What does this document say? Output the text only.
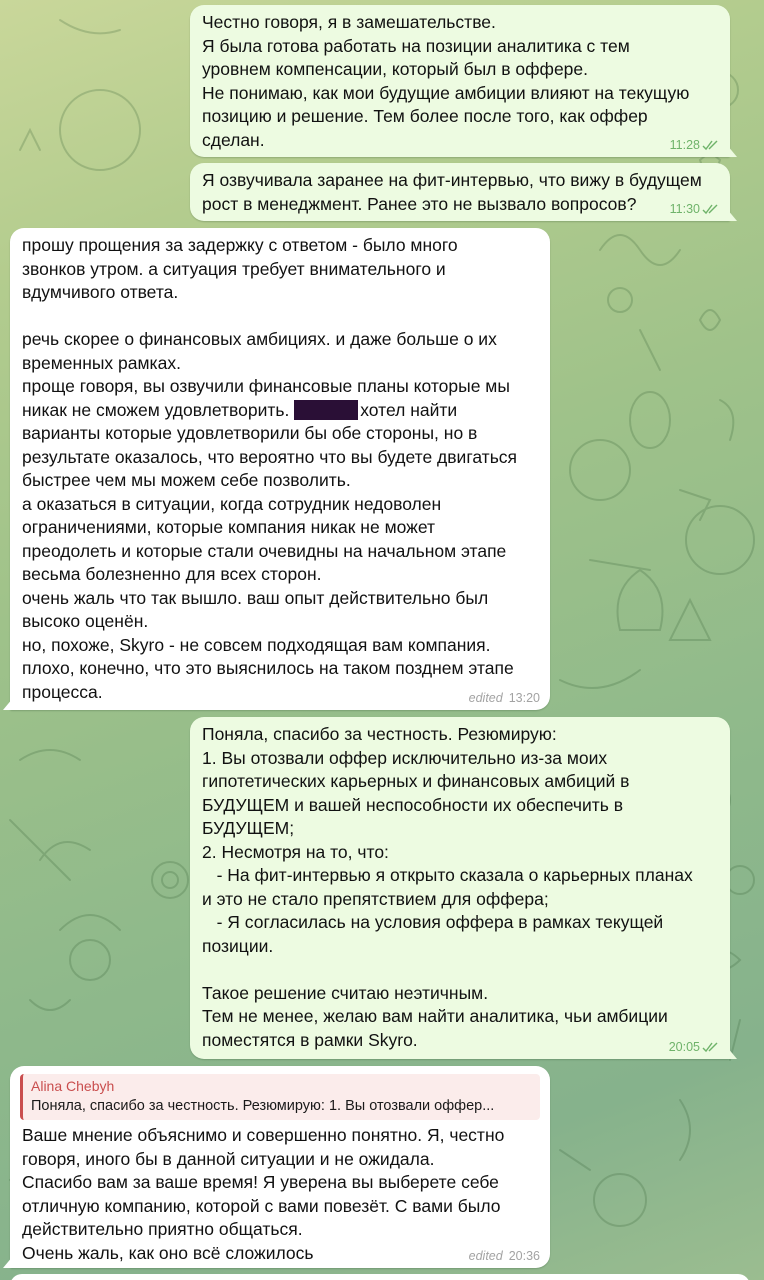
Честно говоря, я в замешательстве.
Я была готова работать на позиции аналитика с тем
уровнем компенсации, который был в оффере.
Не понимаю, как мои будущие амбиции влияют на текущую
позицию и решение. Тем более после того, как оффер
сделан.	11:28
Я озвучивала заранее на фит-интервью, что вижу в будущем
рост в менеджмент. Ранее это не вызвало вопросов?	11:30
прошу прощения за задержку с ответом - было много
звонков утром. а ситуация требует внимательного и
вдумчивого ответа.
речь скорее о финансовых амбициях. и даже больше о их
временных рамках.
проще говоря, вы озвучили финансовые планы которые мы
никак не сможем удовлетворить.	хотел найти
варианты которые удовлетворили бы обе стороны, но в
результате оказалось, что вероятно что вы будете двигаться
быстрее чем мы можем себе позволить.
а оказаться в ситуации, когда сотрудник недоволен
ограничениями, которые компания никак не может
преодолеть и которые стали очевидны на начальном этапе
весьма болезненно для всех сторон.
очень жаль что так вышло. ваш опыт действительно был
высоко оценён.
но, похоже, Skyro - не совсем подходящая вам компания.
плохо, конечно, что это выяснилось на таком позднем этапе
процесса.	edited 13:20
Поняла, спасибо за честность. Резюмирую:
1. Вы отозвали оффер исключительно из-за моих
гипотетических карьерных и финансовых амбиций в
БУДУЩЕМ и вашей неспособности их обеспечить в
БУДУЩЕМ;
2. Несмотря на то, что:
- На фит-интервью я открыто сказала о карьерных планах
и это не стало препятствием для оффера;
- Я согласилась на условия оффера в рамках текущей
позиции.
Такое решение считаю неэтичным.
Тем не менее, желаю вам найти аналитика, чьи амбиции
поместятся в рамки Skyro.	20:05
Alina Chebyh
Поняла, спасибо за честность. Резюмирую: 1. Вы отозвали оффер...
Ваше мнение объяснимо и совершенно понятно. Я, честно
говоря, иного бы в данной ситуации и не ожидала.
Спасибо вам за ваше время! Я уверена вы выберете себе
отличную компанию, которой с вами повезёт. С вами было
действительно приятно общаться.
Очень жаль, как оно всё сложилось	edited 20:36
